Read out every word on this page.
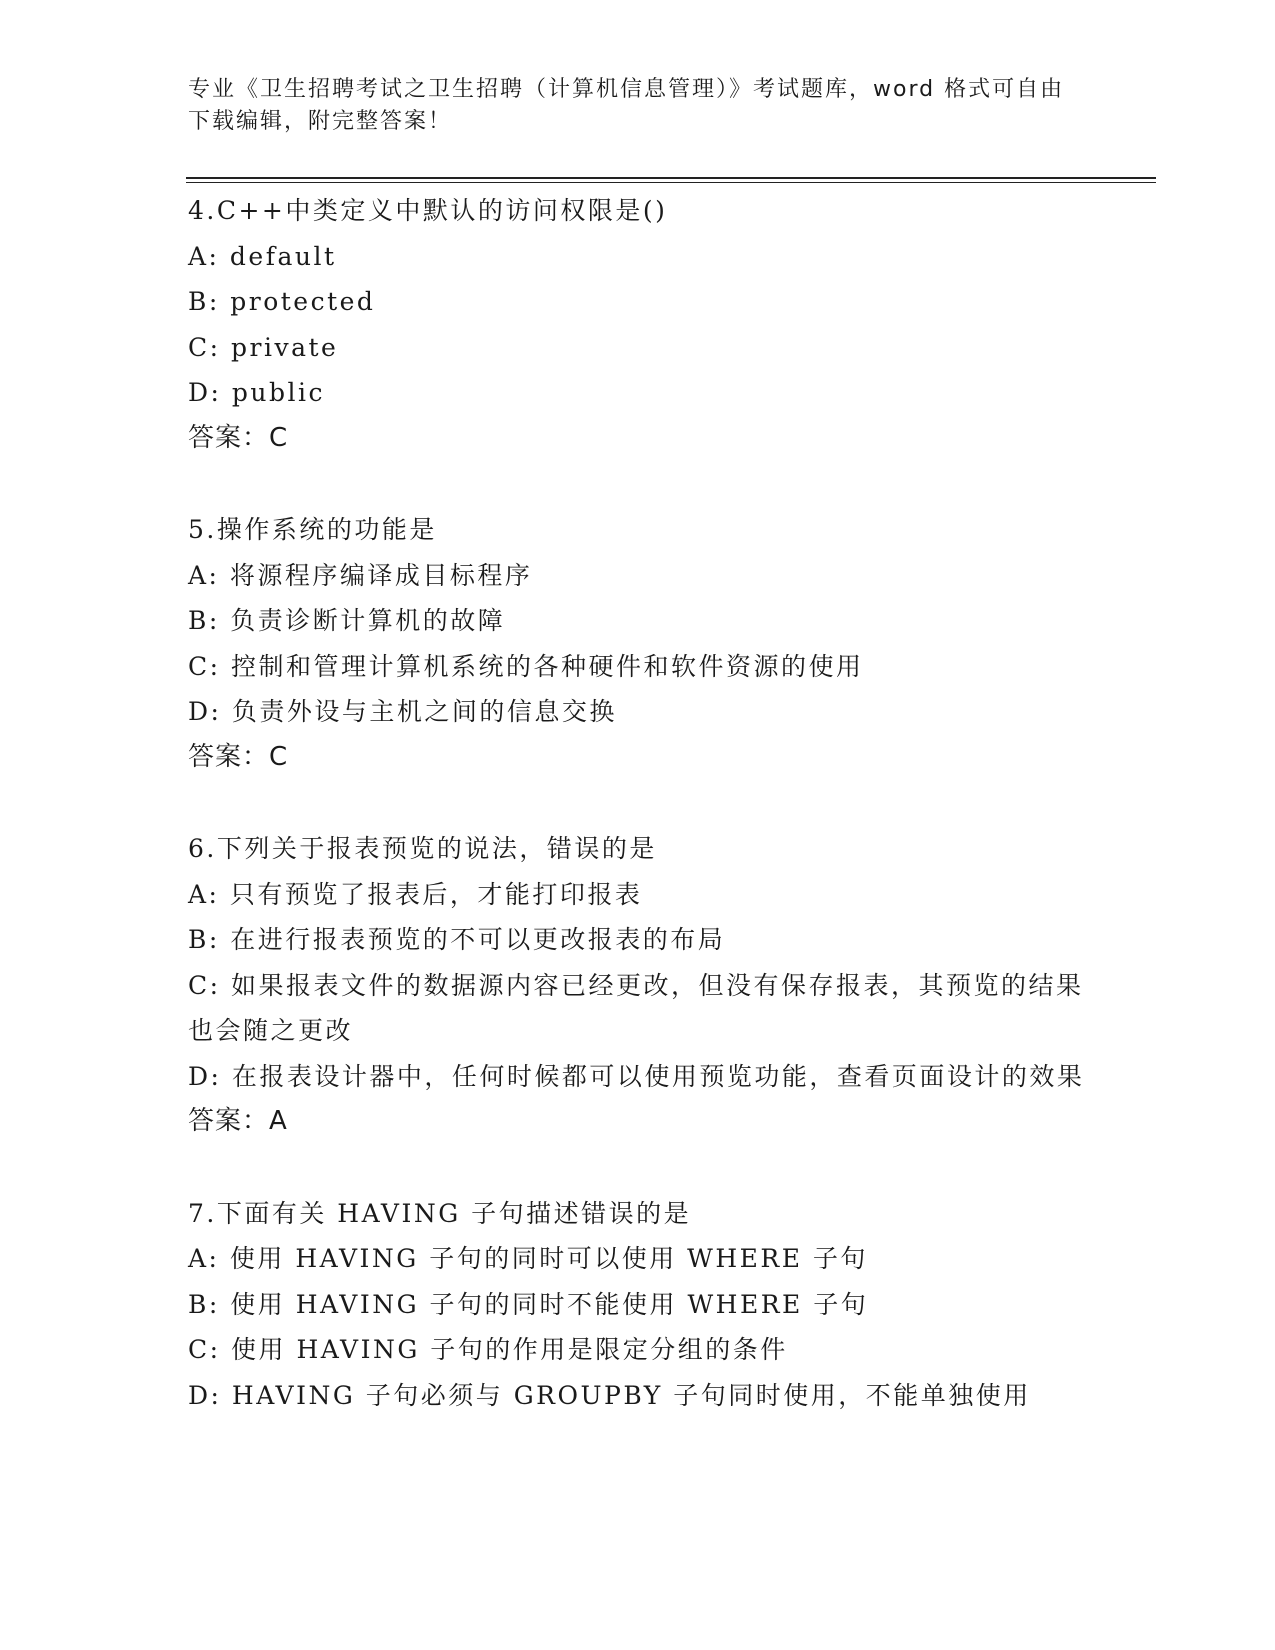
专业《卫生招聘考试之卫生招聘（计算机信息管理）》考试题库，word 格式可自由下载编辑，附完整答案！
4.C++中类定义中默认的访问权限是()
A: default
B: protected
C: private
D: public
答案：C
5.操作系统的功能是
A: 将源程序编译成目标程序
B: 负责诊断计算机的故障
C: 控制和管理计算机系统的各种硬件和软件资源的使用
D: 负责外设与主机之间的信息交换
答案：C
6.下列关于报表预览的说法，错误的是
A: 只有预览了报表后，才能打印报表
B: 在进行报表预览的不可以更改报表的布局
C: 如果报表文件的数据源内容已经更改，但没有保存报表，其预览的结果也会随之更改
D: 在报表设计器中，任何时候都可以使用预览功能，查看页面设计的效果
答案：A
7.下面有关 HAVING 子句描述错误的是
A: 使用 HAVING 子句的同时可以使用 WHERE 子句
B: 使用 HAVING 子句的同时不能使用 WHERE 子句
C: 使用 HAVING 子句的作用是限定分组的条件
D: HAVING 子句必须与 GROUPBY 子句同时使用，不能单独使用
